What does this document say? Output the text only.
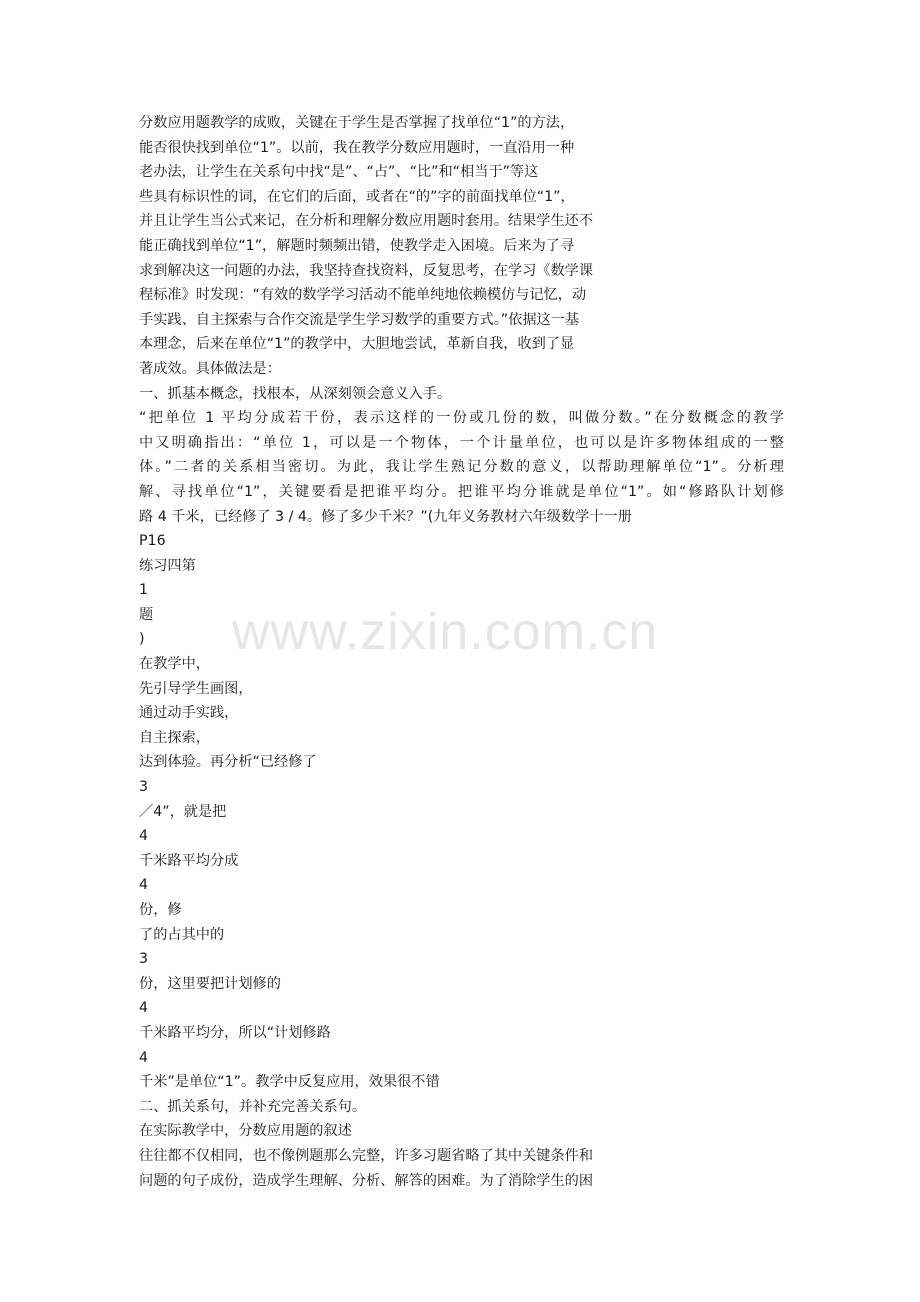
www.zixin.com.cn
分数应用题教学的成败，关键在于学生是否掌握了找单位“1”的方法，
能否很快找到单位“1”。以前，我在教学分数应用题时，一直沿用一种
老办法，让学生在关系句中找“是”、“占”、“比”和“相当于”等这
些具有标识性的词，在它们的后面，或者在“的”字的前面找单位“1”，
并且让学生当公式来记，在分析和理解分数应用题时套用。结果学生还不
能正确找到单位“1”，解题时频频出错，使教学走入困境。后来为了寻
求到解决这一问题的办法，我坚持查找资料，反复思考，在学习《数学课
程标准》时发现：“有效的数学学习活动不能单纯地依赖模仿与记忆，动
手实践、自主探索与合作交流是学生学习数学的重要方式。”依据这一基
本理念，后来在单位“1”的教学中，大胆地尝试，革新自我，收到了显
著成效。具体做法是：
一、抓基本概念，找根本，从深刻领会意义入手。
“把单位 1 平均分成若干份，表示这样的一份或几份的数，叫做分数。”在分数概念的教学
中又明确指出：“单位 1，可以是一个物体，一个计量单位，也可以是许多物体组成的一整
体。”二者的关系相当密切。为此，我让学生熟记分数的意义，以帮助理解单位“1”。分析理
解、寻找单位“1”，关键要看是把谁平均分。把谁平均分谁就是单位“1”。如“修路队计划修
路 4 千米，已经修了 3 / 4。修了多少千米？”(九年义务教材六年级数学十一册
P16
练习四第
1
题
)
在教学中，
先引导学生画图，
通过动手实践，
自主探索，
达到体验。再分析“已经修了
3
／4”，就是把
4
千米路平均分成
4
份，修
了的占其中的
3
份，这里要把计划修的
4
千米路平均分，所以“计划修路
4
千米”是单位“1”。教学中反复应用，效果很不错
二、抓关系句，并补充完善关系句。
在实际教学中，分数应用题的叙述
往往都不仅相同，也不像例题那么完整，许多习题省略了其中关键条件和
问题的句子成份，造成学生理解、分析、解答的困难。为了消除学生的困
